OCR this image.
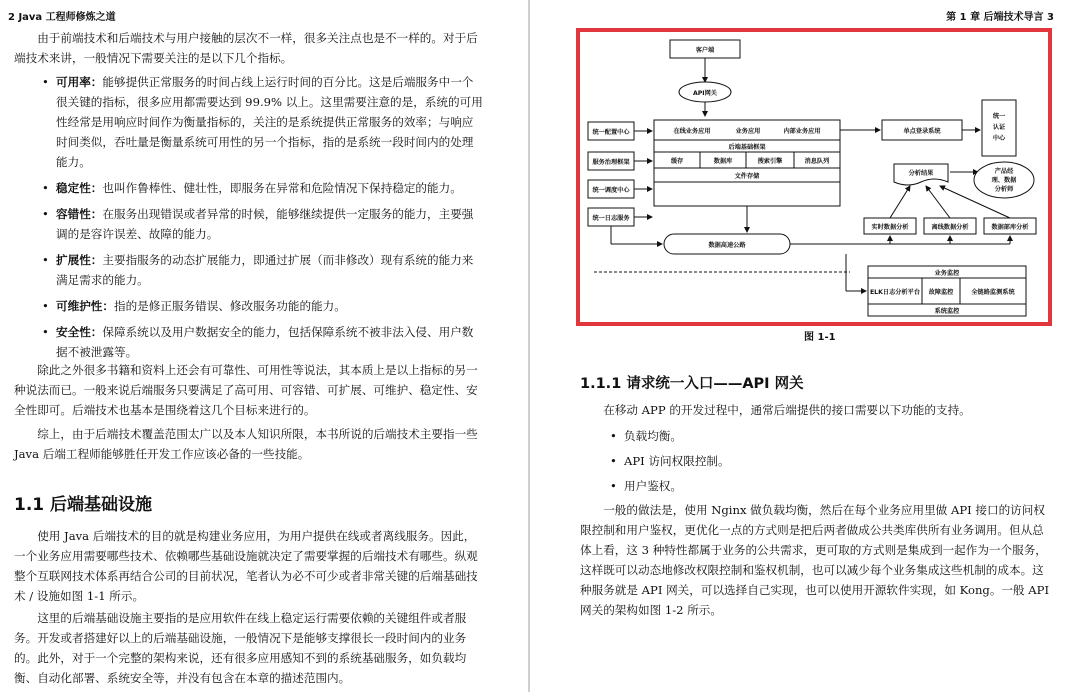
2 Java 工程师修炼之道

由于前端技术和后端技术与用户接触的层次不一样，很多关注点也是不一样的。对于后端技术来讲，一般情况下需要关注的是以下几个指标。

• 可用率：能够提供正常服务的时间占线上运行时间的百分比。这是后端服务中一个很关键的指标，很多应用都需要达到 99.9% 以上。这里需要注意的是，系统的可用性经常是用响应时间作为衡量指标的，关注的是系统提供正常服务的效率；与响应时间类似，吞吐量是衡量系统可用性的另一个指标，指的是系统一段时间内的处理能力。
• 稳定性：也叫作鲁棒性、健壮性，即服务在异常和危险情况下保持稳定的能力。
• 容错性：在服务出现错误或者异常的时候，能够继续提供一定服务的能力，主要强调的是容许误差、故障的能力。
• 扩展性：主要指服务的动态扩展能力，即通过扩展（而非修改）现有系统的能力来满足需求的能力。
• 可维护性：指的是修正服务错误、修改服务功能的能力。
• 安全性：保障系统以及用户数据安全的能力，包括保障系统不被非法入侵、用户数据不被泄露等。

除此之外很多书籍和资料上还会有可靠性、可用性等说法，其本质上是以上指标的另一种说法而已。一般来说后端服务只要满足了高可用、可容错、可扩展、可维护、稳定性、安全性即可。后端技术也基本是围绕着这几个目标来进行的。

综上，由于后端技术覆盖范围太广以及本人知识所限，本书所说的后端技术主要指一些 Java 后端工程师能够胜任开发工作应该必备的一些技能。

1.1 后端基础设施

使用 Java 后端技术的目的就是构建业务应用，为用户提供在线或者离线服务。因此，一个业务应用需要哪些技术、依赖哪些基础设施就决定了需要掌握的后端技术有哪些。纵观整个互联网技术体系再结合公司的目前状况，笔者认为必不可少或者非常关键的后端基础技术 / 设施如图 1-1 所示。

这里的后端基础设施主要指的是应用软件在线上稳定运行需要依赖的关键组件或者服务。开发或者搭建好以上的后端基础设施，一般情况下是能够支撑很长一段时间内的业务的。此外，对于一个完整的架构来说，还有很多应用感知不到的系统基础服务，如负载均衡、自动化部署、系统安全等，并没有包含在本章的描述范围内。

第 1 章 后端技术导言 3
图 1-1
1.1.1 请求统一入口——API 网关

在移动 APP 的开发过程中，通常后端提供的接口需要以下功能的支持。

• 负载均衡。
• API 访问权限控制。
• 用户鉴权。

一般的做法是，使用 Nginx 做负载均衡，然后在每个业务应用里做 API 接口的访问权限控制和用户鉴权，更优化一点的方式则是把后两者做成公共类库供所有业务调用。但从总体上看，这 3 种特性都属于业务的公共需求，更可取的方式则是集成到一起作为一个服务，这样既可以动态地修改权限控制和鉴权机制，也可以减少每个业务集成这些机制的成本。这种服务就是 API 网关，可以选择自己实现，也可以使用开源软件实现，如 Kong。一般 API 网关的架构如图 1-2 所示。

客户端
API网关
统一配置中心
服务治理框架
统一调度中心
统一日志服务
在线业务应用	业务应用	内部业务应用
后端基础框架
缓存	数据库	搜索引擎	消息队列
文件存储
单点登录系统
统一
认证
中心
分析结果	产品经
理、数据
分析师
实时数据分析	离线数据分析	数据部库分析
数据高速公路
业务监控
ELK日志分析平台 故障监控	全链路监测系统
系统监控
